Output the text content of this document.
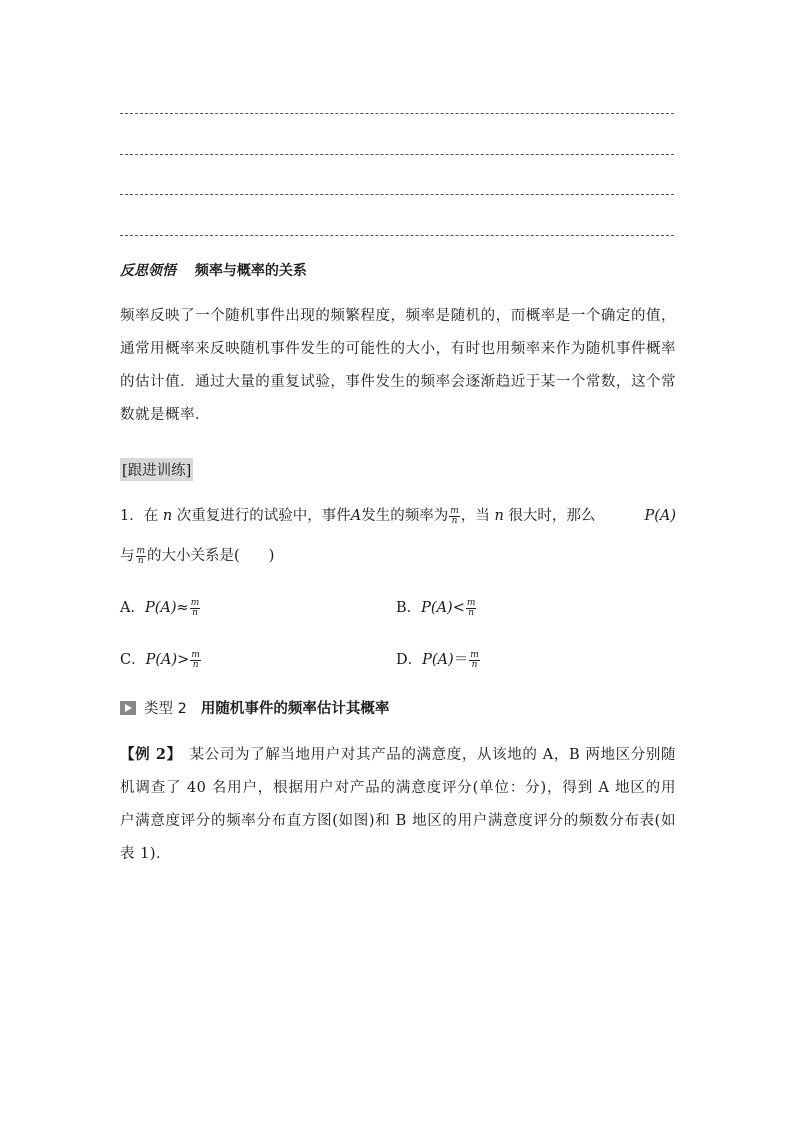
反思领悟 频率与概率的关系

频率反映了一个随机事件出现的频繁程度，频率是随机的，而概率是一个确定的值，通常用概率来反映随机事件发生的可能性的大小，有时也用频率来作为随机事件概率的估计值．通过大量的重复试验，事件发生的频率会逐渐趋近于某一个常数，这个常数就是概率．

[跟进训练]

1．在 n 次重复进行的试验中，事件A发生的频率为 $\frac{m}{n}$ ，当 n 很大时，那么	P(A)

与 $\frac{m}{n}$ 的大小关系是(　　)

A．$P(A)\approx \frac{m}{n}$	B．$P(A)< \frac{m}{n}$
C．$P(A)> \frac{m}{n}$	D．$P(A)= \frac{m}{n}$
类型 2 用随机事件的频率估计其概率

【例 2】　某公司为了解当地用户对其产品的满意度，从该地的 A，B 两地区分别随机调查了 40 名用户，根据用户对产品的满意度评分(单位：分)，得到 A 地区的用户满意度评分的频率分布直方图(如图)和 B 地区的用户满意度评分的频数分布表(如表 1)．
